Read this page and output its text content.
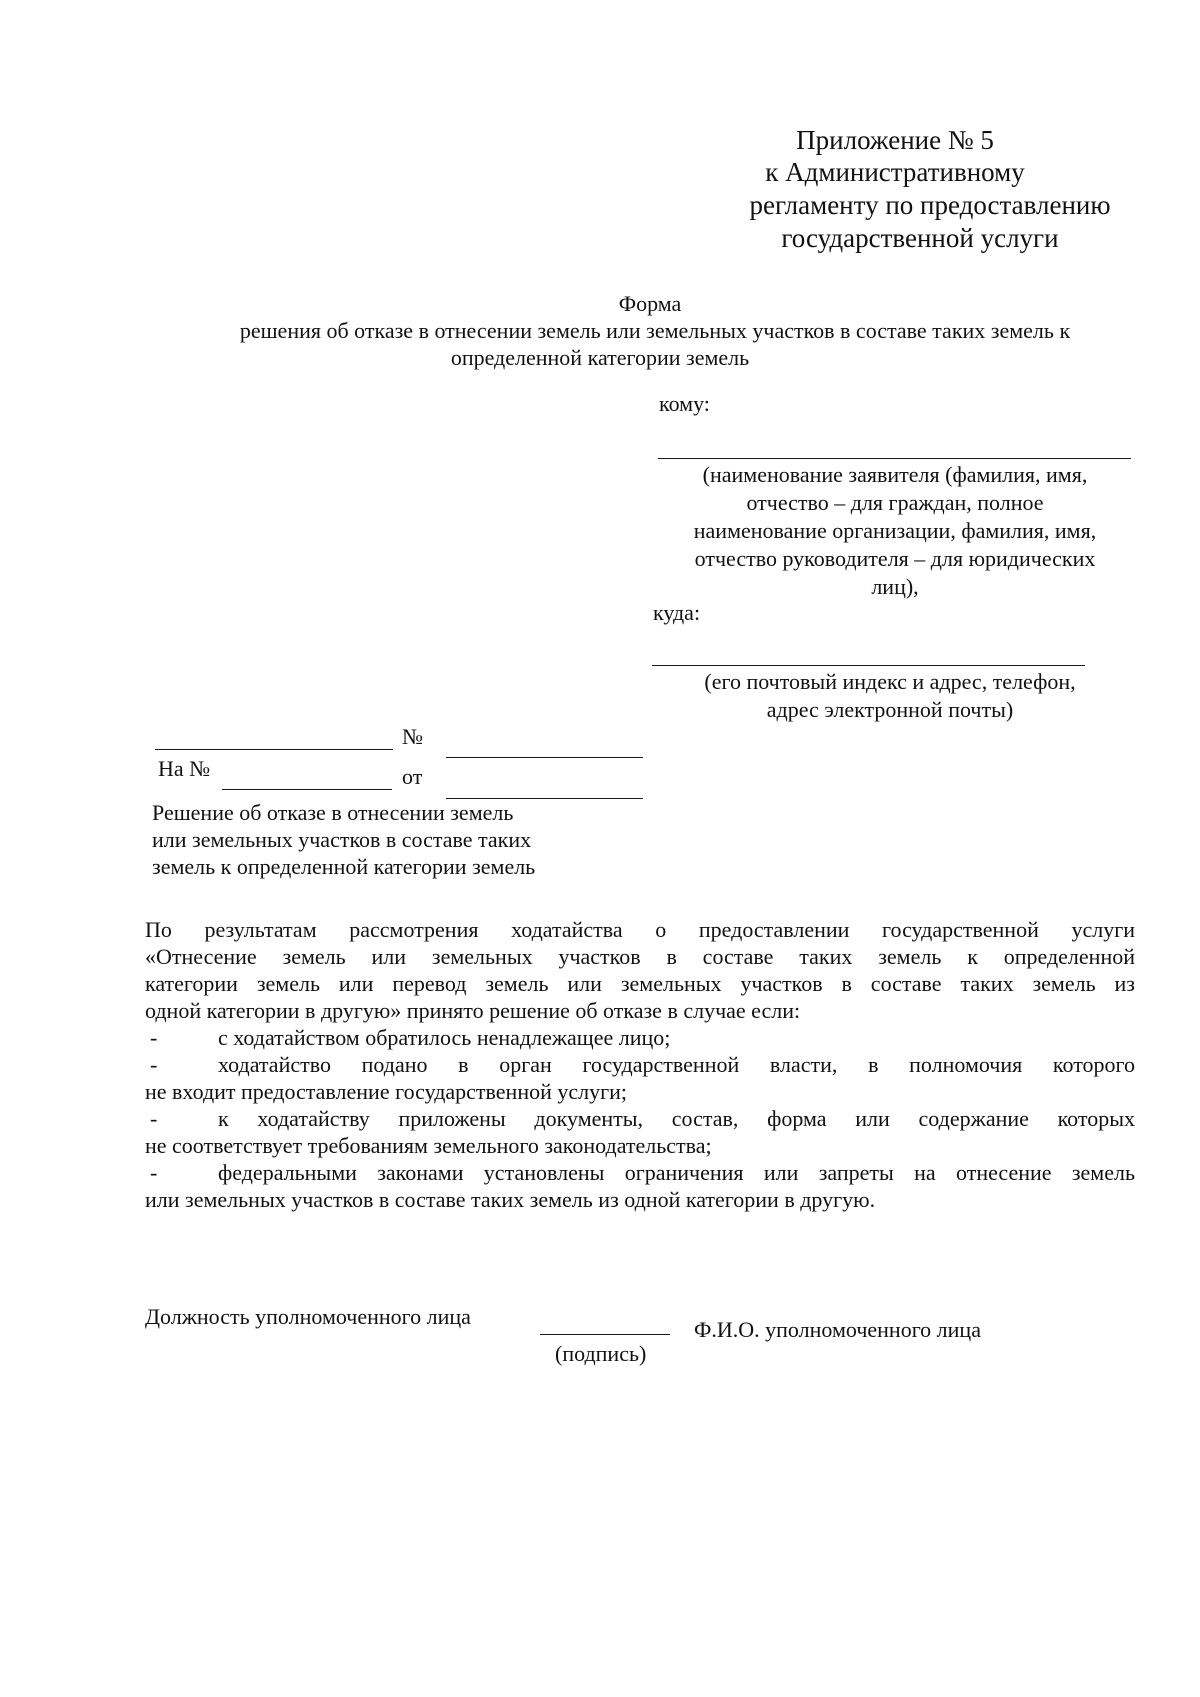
Приложение № 5
к Административному
регламенту по предоставлению
государственной услуги
Форма
решения об отказе в отнесении земель или земельных участков в составе таких земель к
определенной категории земель
кому:
(наименование заявителя (фамилия, имя,
отчество – для граждан, полное
наименование организации, фамилия, имя,
отчество руководителя – для юридических
лиц),
куда:
(его почтовый индекс и адрес, телефон,
адрес электронной почты)
№
На №	от
Решение об отказе в отнесении земель
или земельных участков в составе таких
земель к определенной категории земель
По результатам рассмотрения ходатайства о предоставлении государственной услуги
«Отнесение земель или земельных участков в составе таких земель к определенной
категории земель или перевод земель или земельных участков в составе таких земель из
одной категории в другую» принято решение об отказе в случае если:
-	с ходатайством обратилось ненадлежащее лицо;
-	ходатайство подано в орган государственной власти, в полномочия которого
не входит предоставление государственной услуги;
-	к ходатайству приложены документы, состав, форма или содержание которых
не соответствует требованиям земельного законодательства;
-	федеральными законами установлены ограничения или запреты на отнесение земель
или земельных участков в составе таких земель из одной категории в другую.
Должность уполномоченного лица
(подпись)
Ф.И.О. уполномоченного лица
